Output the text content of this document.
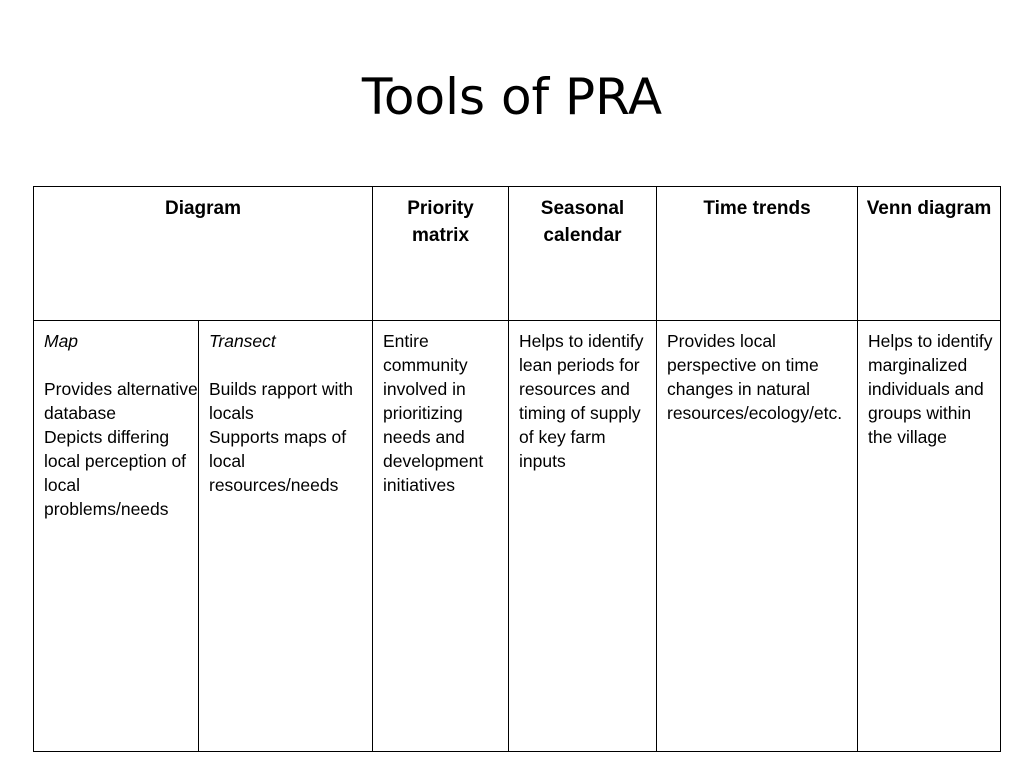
Tools of PRA
Diagram		Priority matrix	Seasonal calendar	Time trends	Venn diagram

Map
Provides alternative database
Depicts differing local perception of local problems/needs	Transect
Builds rapport with locals
Supports maps of local resources/needs	Entire community involved in prioritizing needs and development initiatives	Helps to identify lean periods for resources and timing of supply of key farm inputs	Provides local perspective on time changes in natural resources/ecology/etc.	Helps to identify marginalized individuals and groups within the village
